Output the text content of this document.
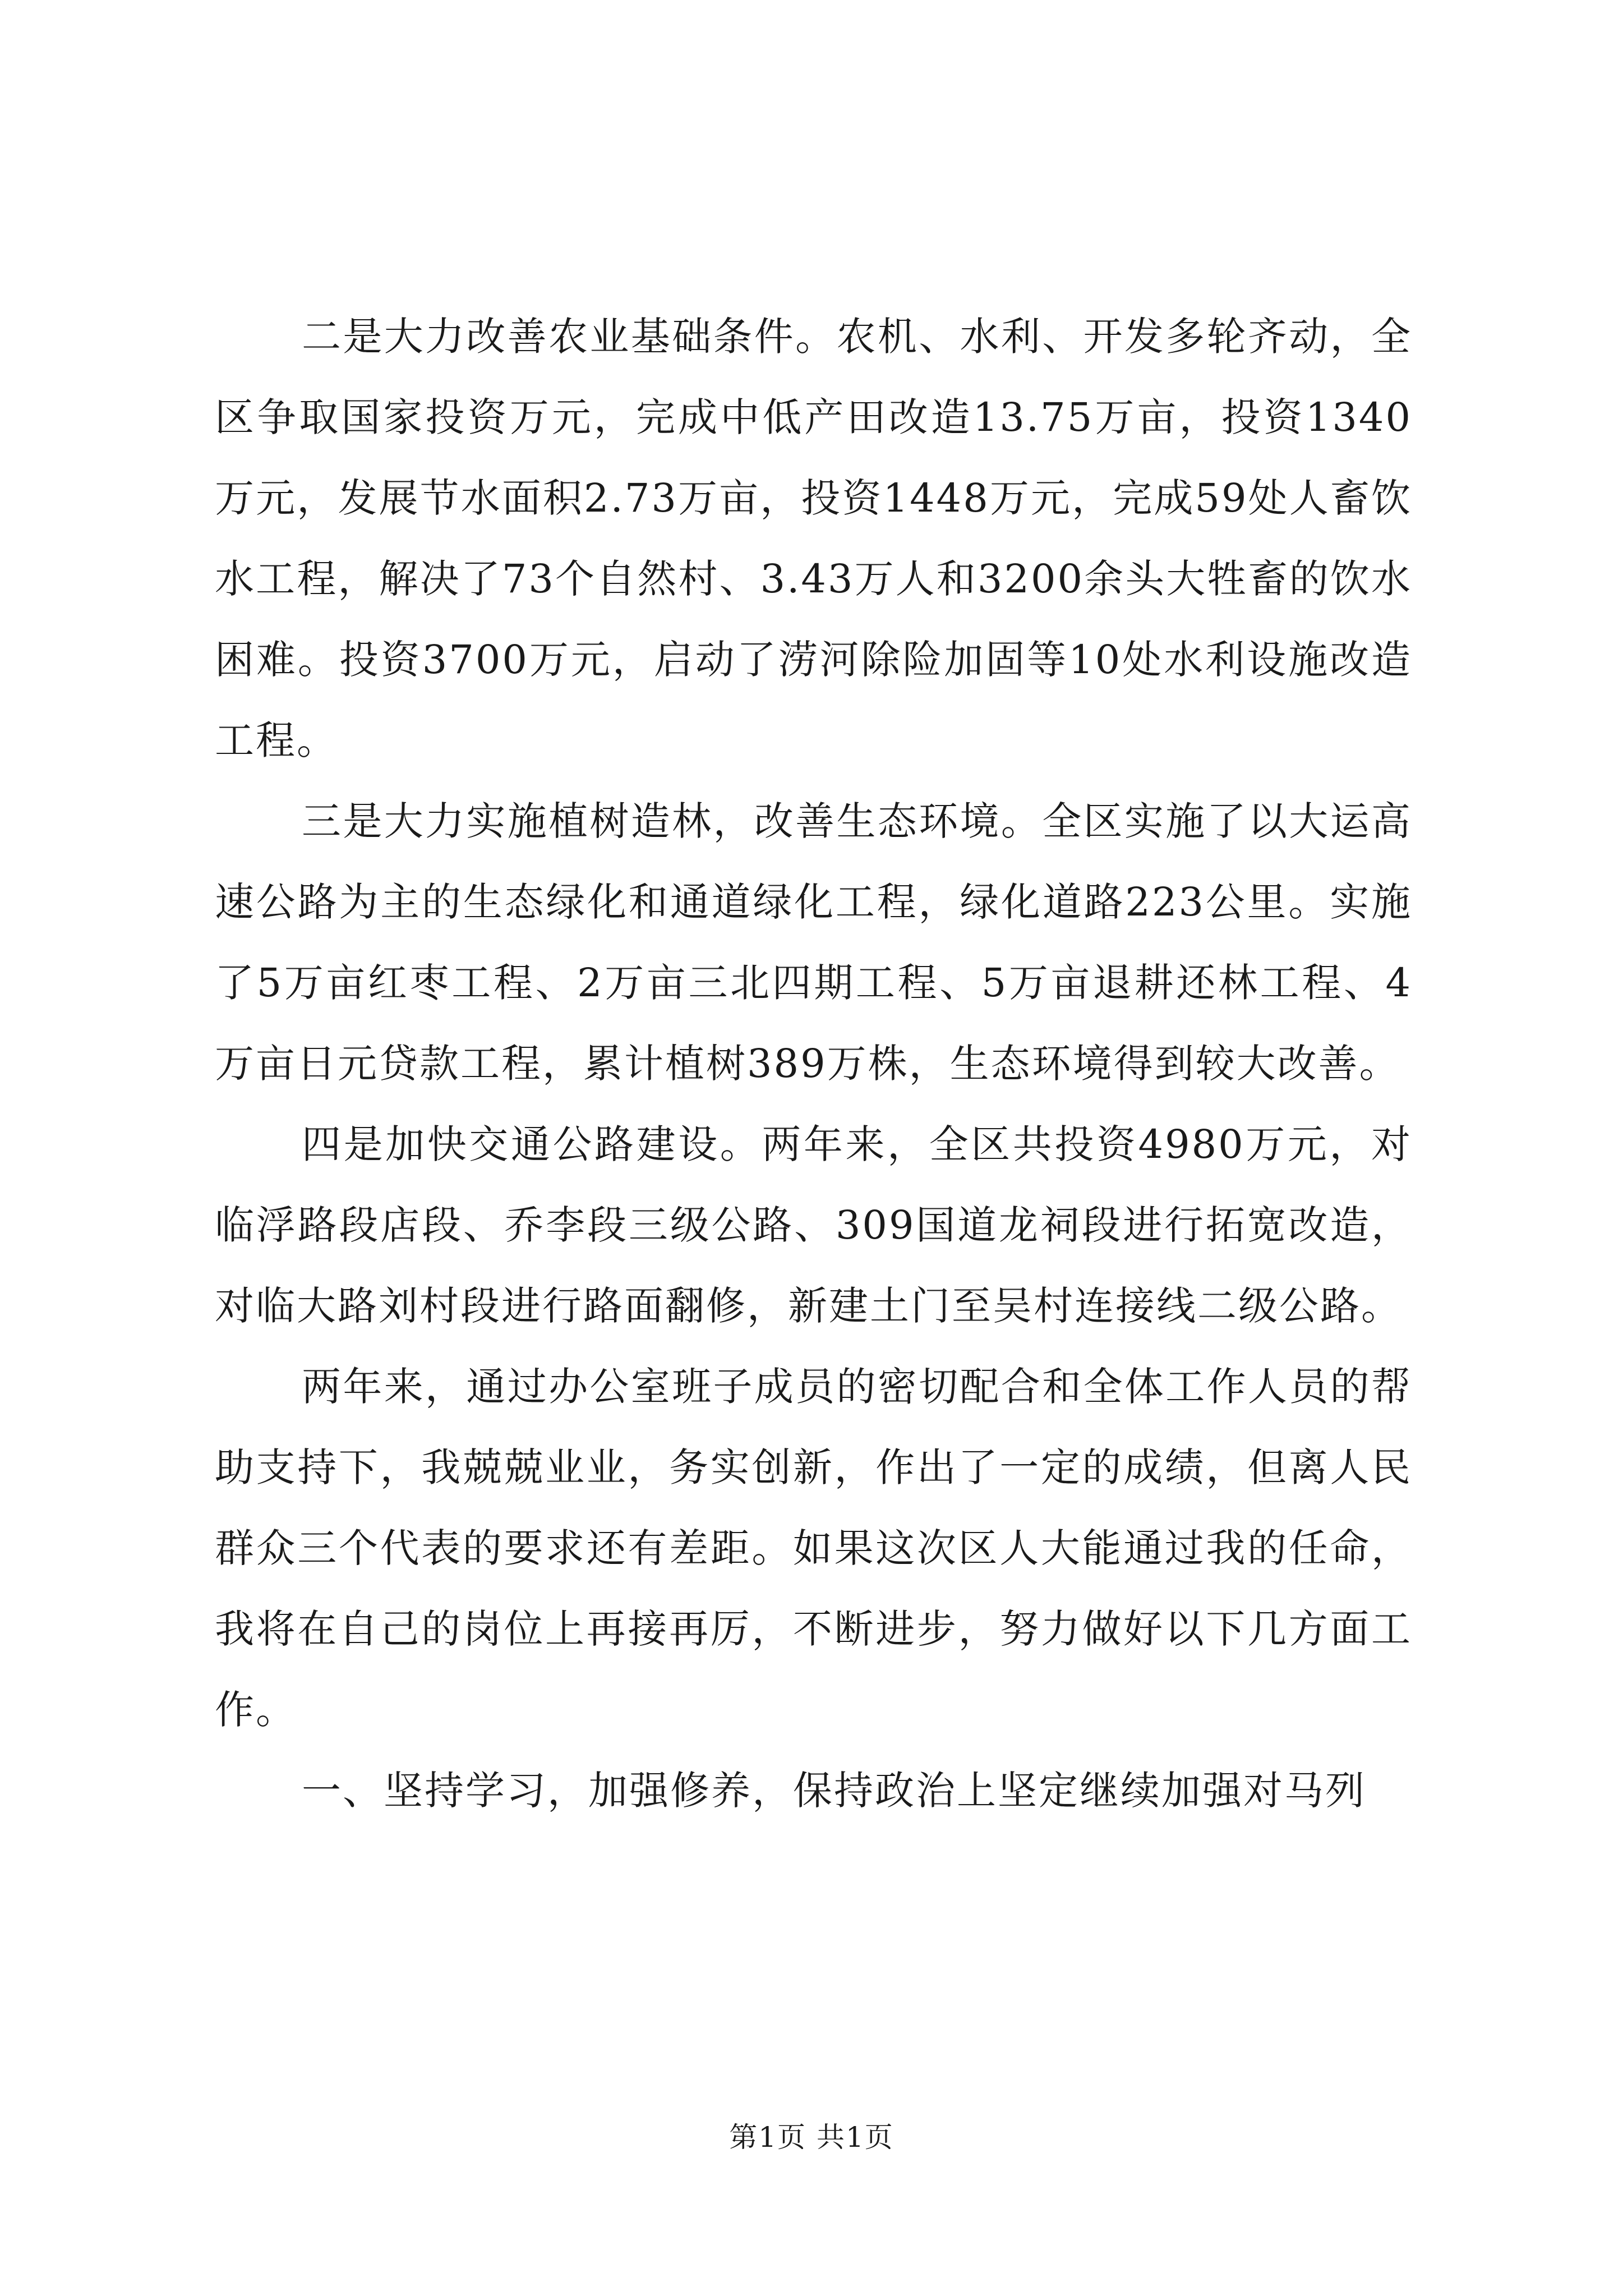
二是大力改善农业基础条件。农机、水利、开发多轮齐动，全区争取国家投资万元，完成中低产田改造13.75万亩，投资1340万元，发展节水面积2.73万亩，投资1448万元，完成59处人畜饮水工程，解决了73个自然村、3.43万人和3200余头大牲畜的饮水困难。投资3700万元，启动了涝河除险加固等10处水利设施改造工程。

三是大力实施植树造林，改善生态环境。全区实施了以大运高速公路为主的生态绿化和通道绿化工程，绿化道路223公里。实施了5万亩红枣工程、2万亩三北四期工程、5万亩退耕还林工程、4万亩日元贷款工程，累计植树389万株，生态环境得到较大改善。

四是加快交通公路建设。两年来，全区共投资4980万元，对临浮路段店段、乔李段三级公路、309国道龙祠段进行拓宽改造，对临大路刘村段进行路面翻修，新建土门至吴村连接线二级公路。

两年来，通过办公室班子成员的密切配合和全体工作人员的帮助支持下，我兢兢业业，务实创新，作出了一定的成绩，但离人民群众三个代表的要求还有差距。如果这次区人大能通过我的任命，我将在自己的岗位上再接再厉，不断进步，努力做好以下几方面工作。

一、坚持学习，加强修养，保持政治上坚定继续加强对马列

第1页 共1页
